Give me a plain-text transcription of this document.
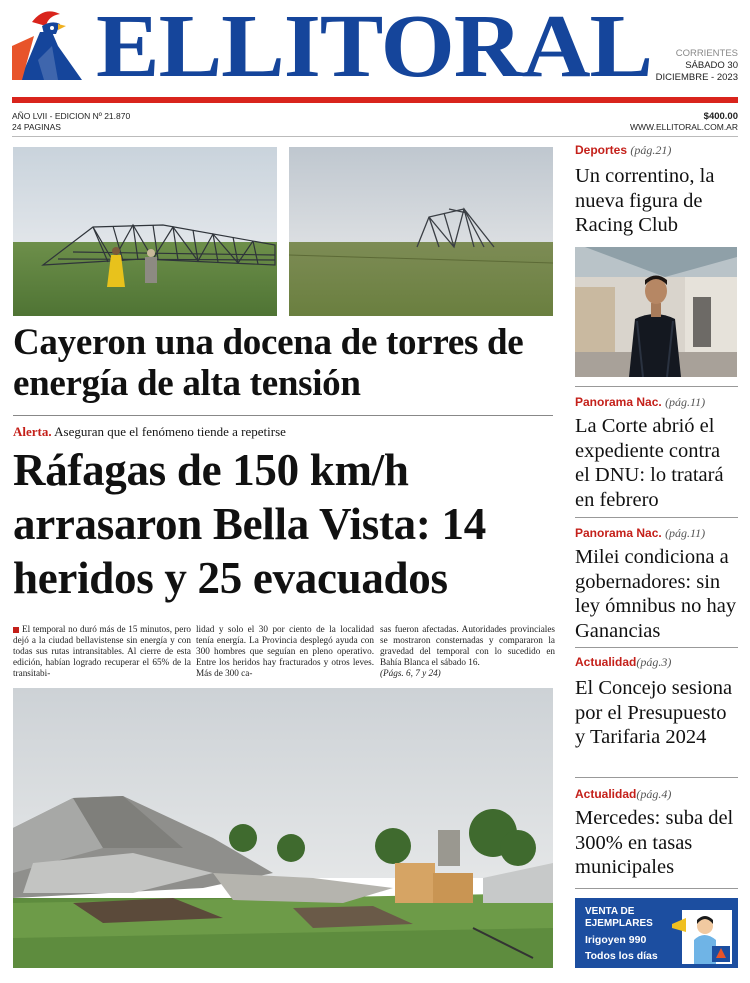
ELLITORAL	CORRIENTES
SÁBADO 30
DICIEMBRE - 2023
AÑO LVII - EDICION Nº 21.870
24 PAGINAS
$400.00
WWW.ELLITORAL.COM.AR
Cayeron una docena de torres de energía de alta tensión
Alerta. Aseguran que el fenómeno tiende a repetirse
Ráfagas de 150 km/h arrasaron Bella Vista: 14 heridos y 25 evacuados
El temporal no duró más de 15 minutos, pero dejó a la ciudad bellavistense sin energía y con todas sus rutas intransitables. Al cierre de esta edición, habían logrado recuperar el 65% de la transitabi-
lidad y solo el 30 por ciento de la localidad tenía energía. La Provincia desplegó ayuda con 300 hombres que seguían en pleno operativo. Entre los heridos hay fracturados y otros leves. Más de 300 ca-
sas fueron afectadas. Autoridades provinciales se mostraron consternadas y compararon la gravedad del temporal con lo sucedido en Bahía Blanca el sábado 16.
(Págs. 6, 7 y 24)
Deportes (pág.21)
Un correntino, la nueva figura de Racing Club
Panorama Nac. (pág.11)
La Corte abrió el expediente contra el DNU: lo tratará en febrero
Panorama Nac. (pág.11)
Milei condiciona a gobernadores: sin ley ómnibus no hay Ganancias
Actualidad(pág.3)
El Concejo sesiona por el Presupuesto y Tarifaria 2024
Actualidad(pág.4)
Mercedes: suba del 300% en tasas municipales
VENTA DE
EJEMPLARES
Irigoyen 990
Todos los días
